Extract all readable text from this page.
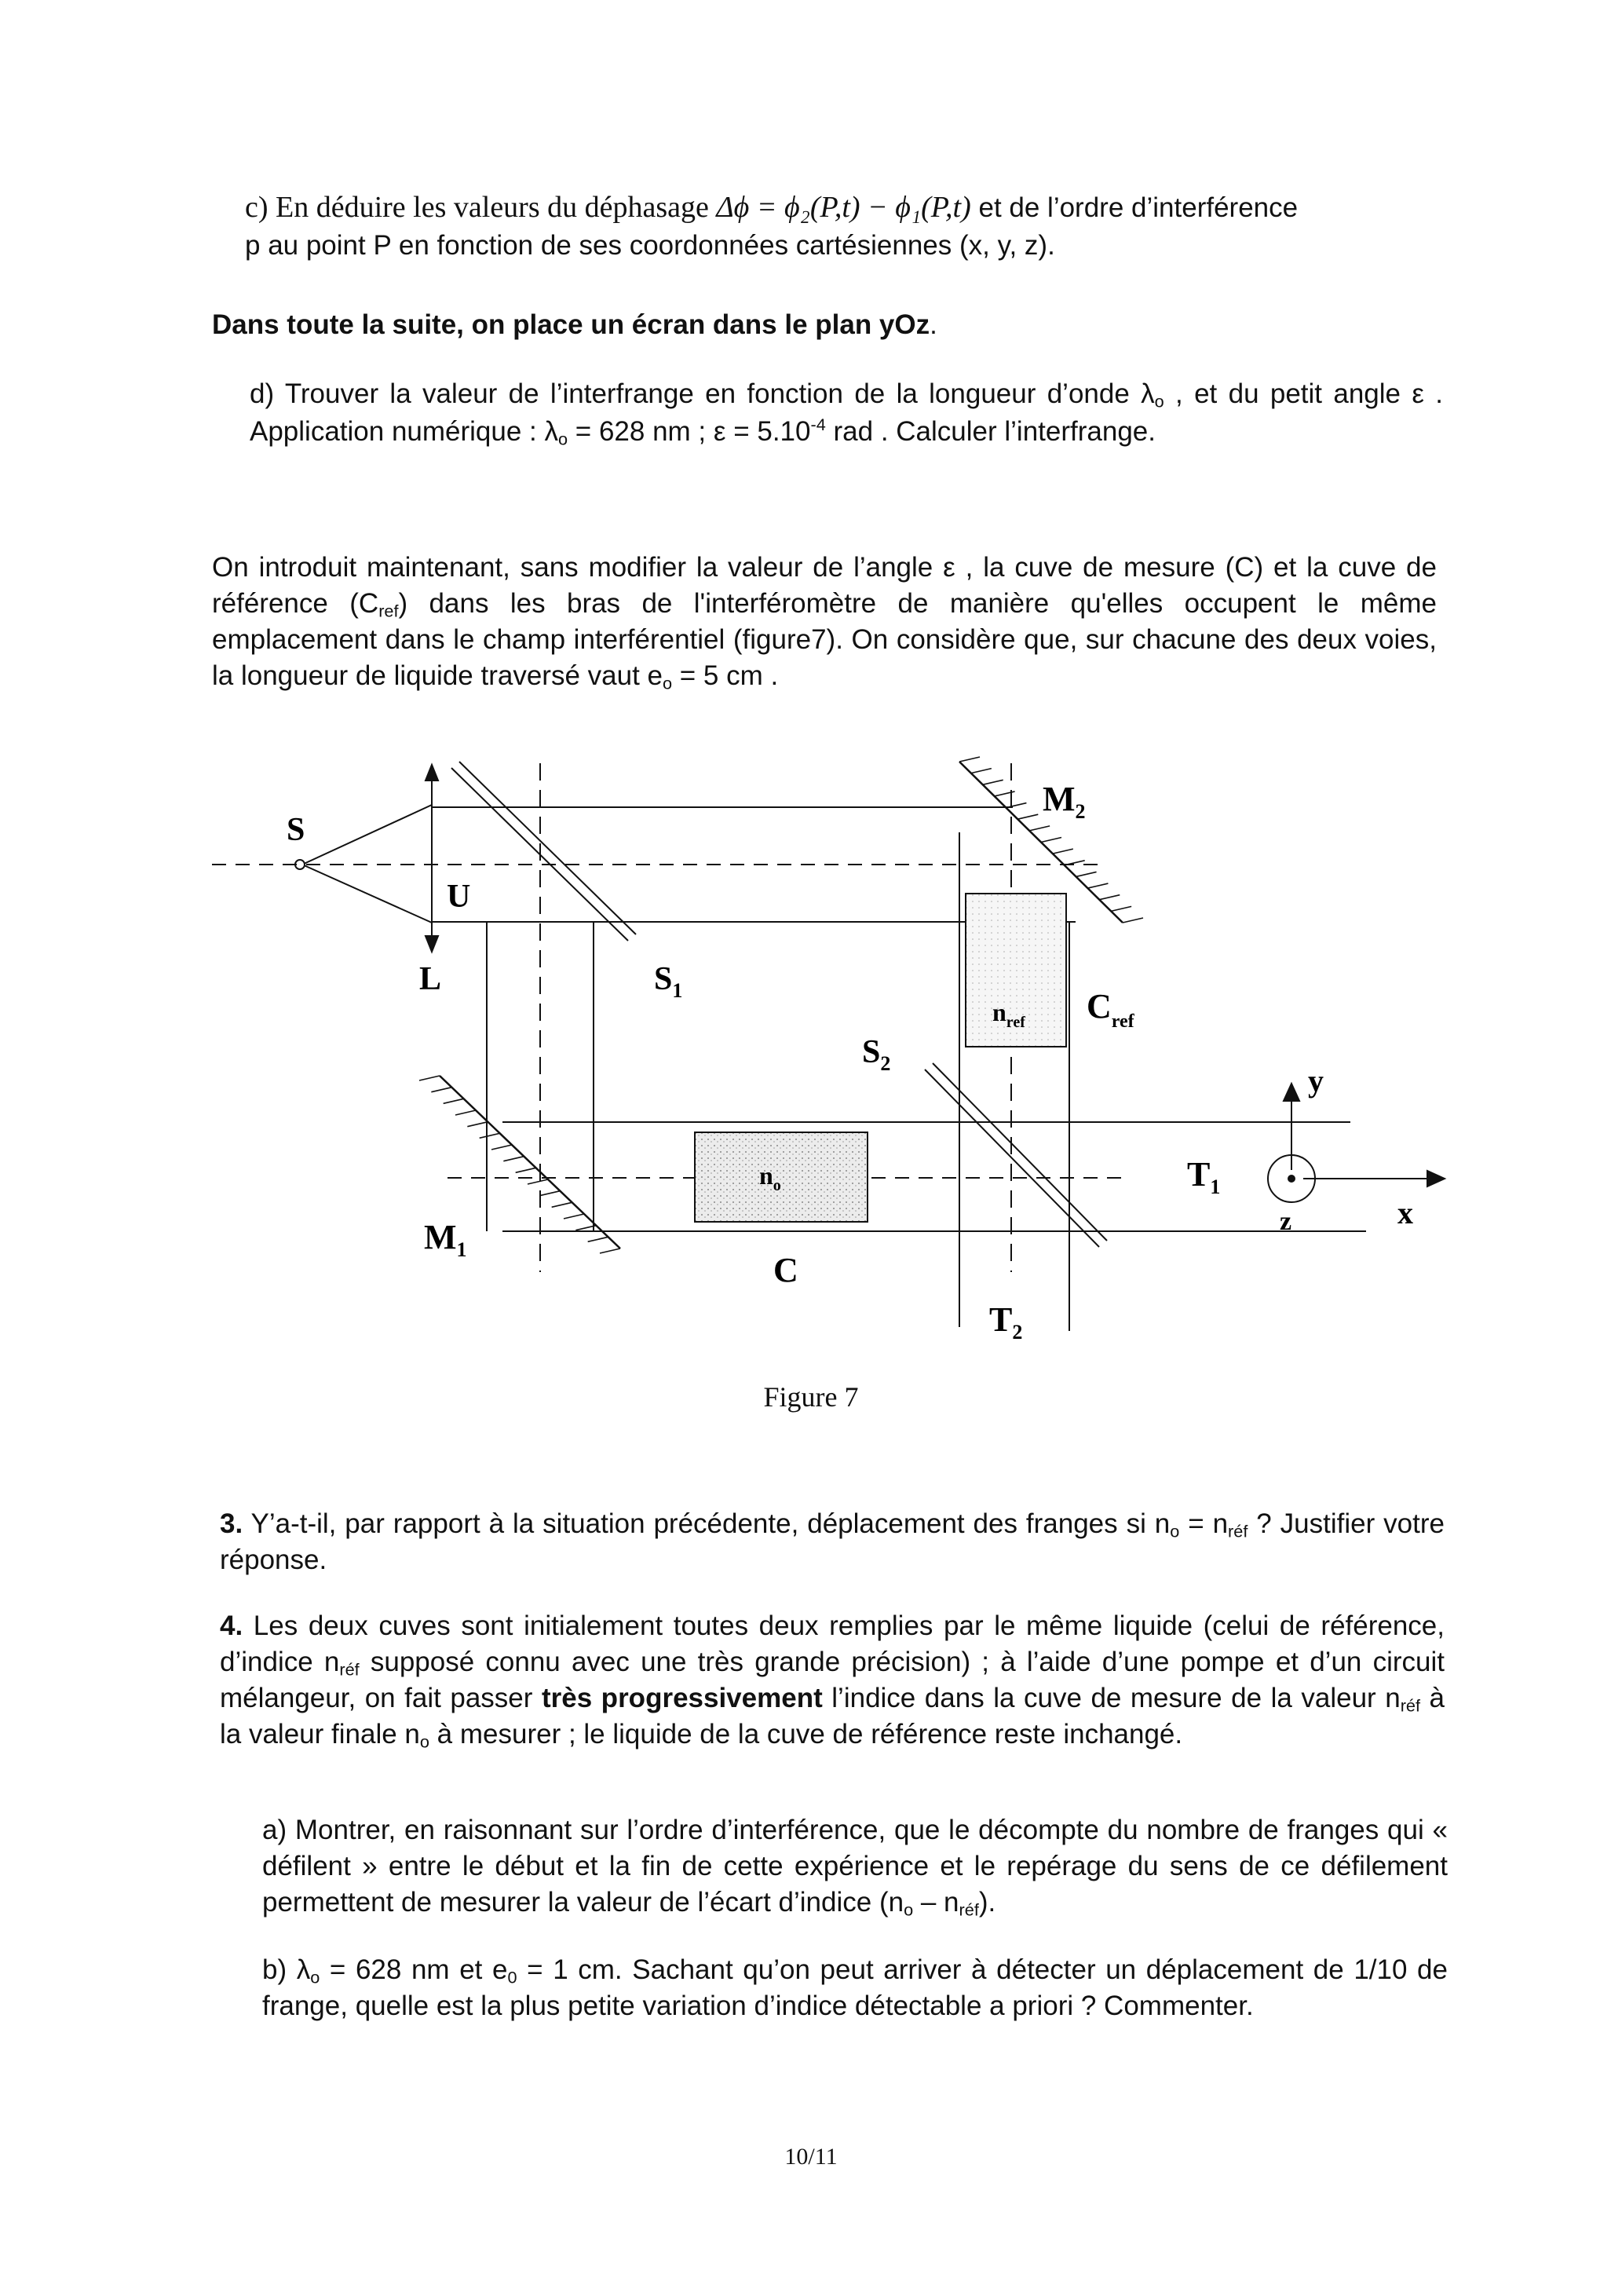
c) En déduire les valeurs du déphasage Δϕ = ϕ₂(P,t) − ϕ₁(P,t) et de l’ordre d’interférence
p au point P en fonction de ses coordonnées cartésiennes (x, y, z).
Dans toute la suite, on place un écran dans le plan yOz.
d) Trouver la valeur de l’interfrange en fonction de la longueur d’onde $\lambda_o$ , et du petit angle ε . Application numérique : $\lambda_o = 628$ nm ; $\varepsilon = 5.10^{-4}$ rad . Calculer l’interfrange.
On introduit maintenant, sans modifier la valeur de l’angle ε , la cuve de mesure (C) et la cuve de référence $(C_{ref})$ dans les bras de l'interféromètre de manière qu'elles occupent le même emplacement dans le champ interférentiel (figure7). On considère que, sur chacune des deux voies, la longueur de liquide traversé vaut $e_o = 5$ cm .
S
U
L	$S_1$
$S_2$
$M_2$
$M_1$
$n_{ref}$ $C_{ref}$
$n_o$
C
$T_1$
$T_2$
x
y
z
Figure 7
3. Y’a-t-il, par rapport à la situation précédente, déplacement des franges si $n_o = n_{réf}$ ? Justifier votre réponse.
4. Les deux cuves sont initialement toutes deux remplies par le même liquide (celui de référence, d’indice $n_{réf}$ supposé connu avec une très grande précision) ; à l’aide d’une pompe et d’un circuit mélangeur, on fait passer très progressivement l’indice dans la cuve de mesure de la valeur $n_{réf}$ à la valeur finale $n_o$ à mesurer ; le liquide de la cuve de référence reste inchangé.
a) Montrer, en raisonnant sur l’ordre d’interférence, que le décompte du nombre de franges qui « défilent » entre le début et la fin de cette expérience et le repérage du sens de ce défilement permettent de mesurer la valeur de l’écart d’indice $(n_o - n_{réf})$.
b) $\lambda_o = 628$ nm et $e_0 = 1$ cm. Sachant qu’on peut arriver à détecter un déplacement de 1/10 de frange, quelle est la plus petite variation d’indice détectable a priori ? Commenter.
10/11
